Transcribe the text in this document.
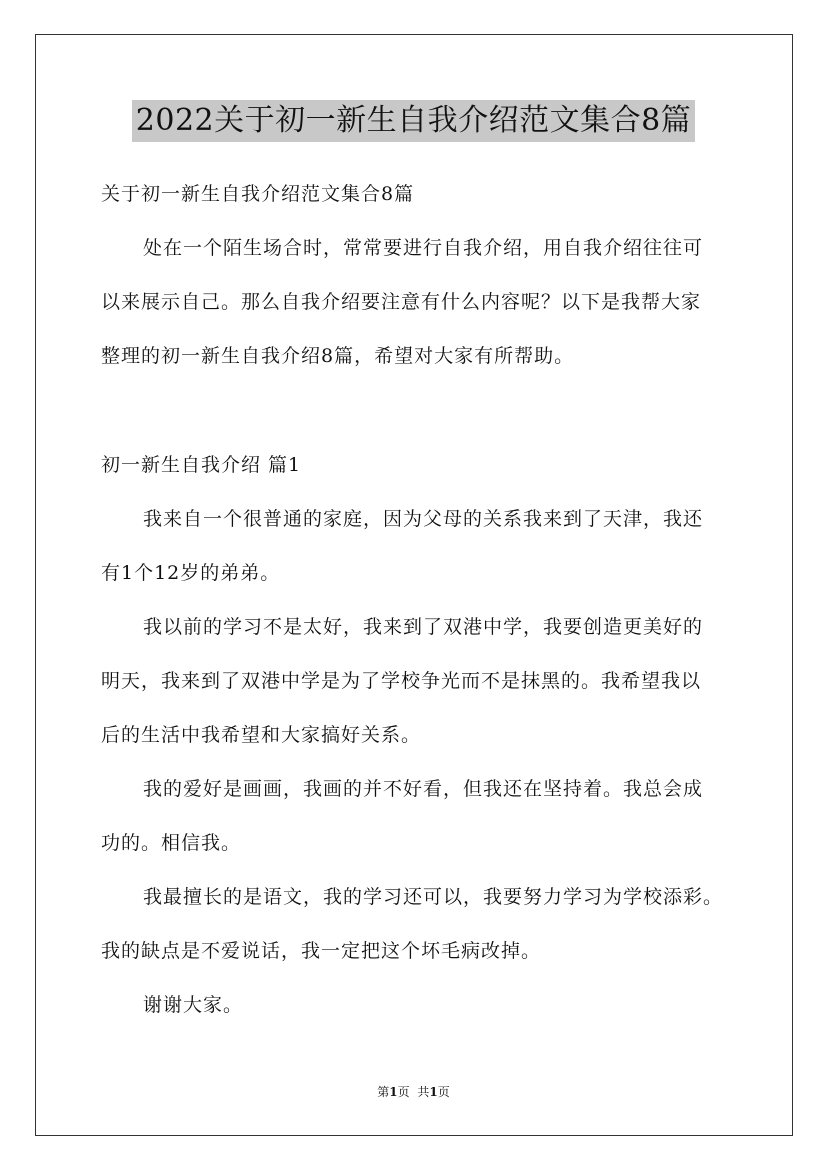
2022关于初一新生自我介绍范文集合8篇
关于初一新生自我介绍范文集合8篇
处在一个陌生场合时，常常要进行自我介绍，用自我介绍往往可
以来展示自己。那么自我介绍要注意有什么内容呢？以下是我帮大家
整理的初一新生自我介绍8篇，希望对大家有所帮助。
初一新生自我介绍 篇1
我来自一个很普通的家庭，因为父母的关系我来到了天津，我还
有1个12岁的弟弟。
我以前的学习不是太好，我来到了双港中学，我要创造更美好的
明天，我来到了双港中学是为了学校争光而不是抹黑的。我希望我以
后的生活中我希望和大家搞好关系。
我的爱好是画画，我画的并不好看，但我还在坚持着。我总会成
功的。相信我。
我最擅长的是语文，我的学习还可以，我要努力学习为学校添彩。
我的缺点是不爱说话，我一定把这个坏毛病改掉。
谢谢大家。
第1页 共1页
